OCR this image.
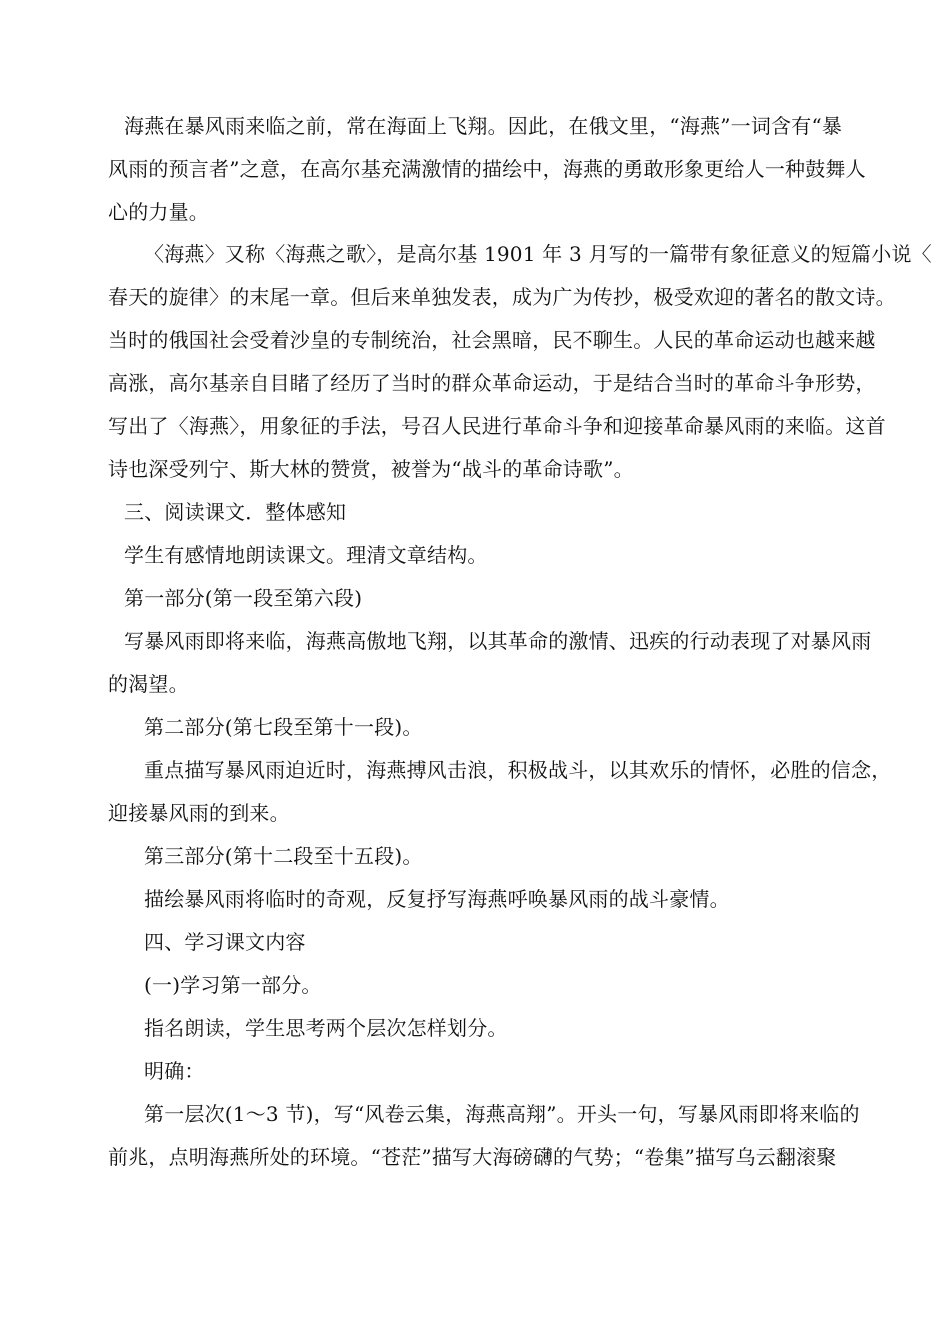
海燕在暴风雨来临之前，常在海面上飞翔。因此，在俄文里，“海燕”一词含有“暴
风雨的预言者”之意，在高尔基充满激情的描绘中，海燕的勇敢形象更给人一种鼓舞人
心的力量。
〈海燕〉又称〈海燕之歌〉，是高尔基 1901 年 3 月写的一篇带有象征意义的短篇小说〈
春天的旋律〉的末尾一章。但后来单独发表，成为广为传抄，极受欢迎的著名的散文诗。
当时的俄国社会受着沙皇的专制统治，社会黑暗，民不聊生。人民的革命运动也越来越
高涨，高尔基亲自目睹了经历了当时的群众革命运动，于是结合当时的革命斗争形势，
写出了〈海燕〉，用象征的手法，号召人民进行革命斗争和迎接革命暴风雨的来临。这首
诗也深受列宁、斯大林的赞赏，被誉为“战斗的革命诗歌”。
三、阅读课文．整体感知
学生有感情地朗读课文。理清文章结构。
第一部分(第一段至第六段)
写暴风雨即将来临，海燕高傲地飞翔，以其革命的激情、迅疾的行动表现了对暴风雨
的渴望。
第二部分(第七段至第十一段)。
重点描写暴风雨迫近时，海燕搏风击浪，积极战斗，以其欢乐的情怀，必胜的信念，
迎接暴风雨的到来。
第三部分(第十二段至十五段)。
描绘暴风雨将临时的奇观，反复抒写海燕呼唤暴风雨的战斗豪情。
四、学习课文内容
(一)学习第一部分。
指名朗读，学生思考两个层次怎样划分。
明确：
第一层次(1～3 节)，写“风卷云集，海燕高翔”。开头一句，写暴风雨即将来临的
前兆，点明海燕所处的环境。“苍茫”描写大海磅礴的气势；“卷集”描写乌云翻滚聚
